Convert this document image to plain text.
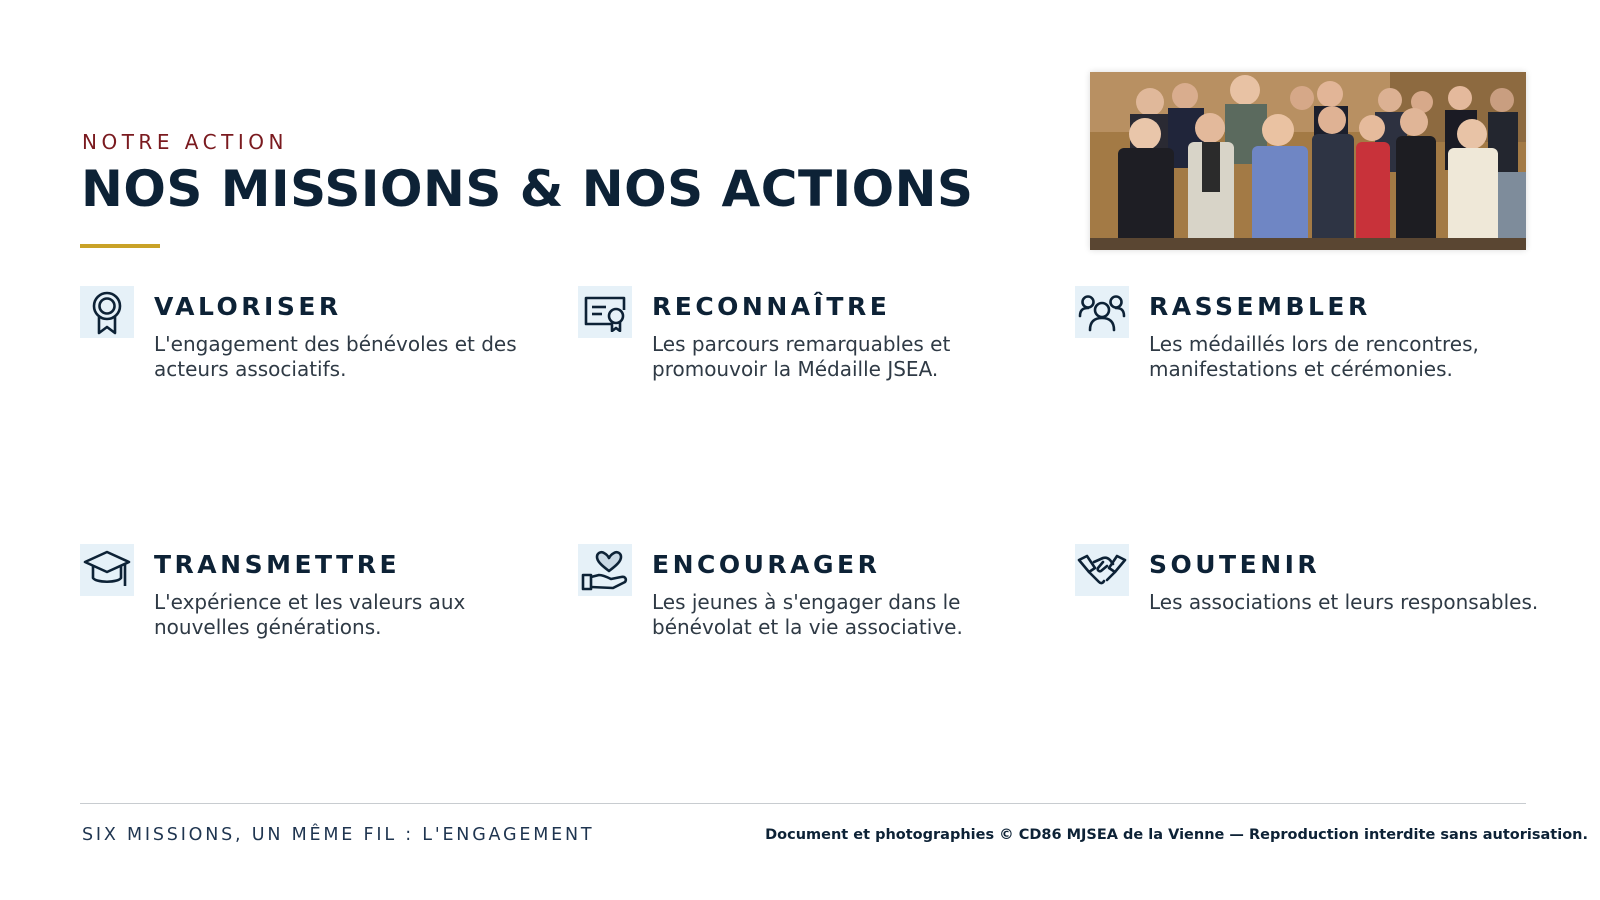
NOTRE ACTION
NOS MISSIONS & NOS ACTIONS
VALORISER
L'engagement des bénévoles et des acteurs associatifs.
RECONNAÎTRE
Les parcours remarquables et promouvoir la Médaille JSEA.
RASSEMBLER
Les médaillés lors de rencontres, manifestations et cérémonies.
TRANSMETTRE
L'expérience et les valeurs aux nouvelles générations.
ENCOURAGER
Les jeunes à s'engager dans le bénévolat et la vie associative.
SOUTENIR
Les associations et leurs responsables.
SIX MISSIONS, UN MÊME FIL : L'ENGAGEMENT	Document et photographies © CD86 MJSEA de la Vienne — Reproduction interdite sans autorisation.
